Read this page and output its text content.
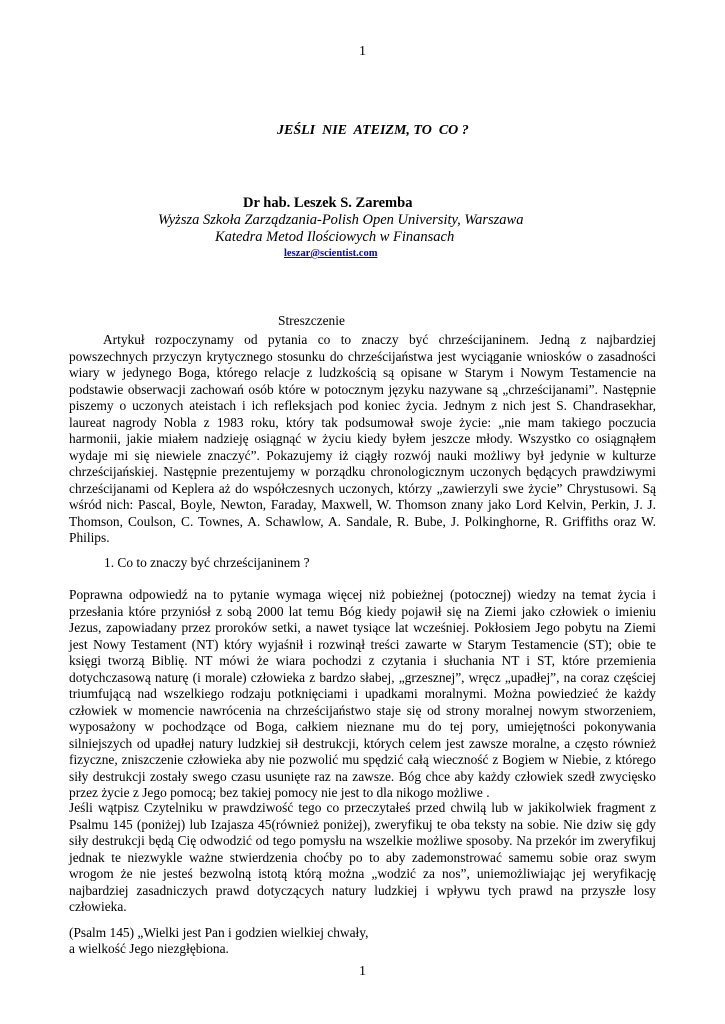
1
JEŚLI  NIE  ATEIZM, TO  CO ?
Dr hab. Leszek S. Zaremba
Wyższa Szkoła Zarządzania-Polish Open University, Warszawa
Katedra Metod Ilościowych w Finansach
leszar@scientist.com
Streszczenie

Artykuł rozpoczynamy od pytania co to znaczy być chrześcijaninem. Jedną z najbardziej powszechnych przyczyn krytycznego stosunku do chrześcijaństwa jest wyciąganie wniosków o zasadności wiary w jedynego Boga, którego relacje z ludzkością są opisane w Starym i Nowym Testamencie na podstawie obserwacji zachowań osób które w potocznym języku nazywane są „chrześcijanami”. Następnie piszemy o uczonych ateistach i ich refleksjach pod koniec życia. Jednym z nich jest S. Chandrasekhar, laureat nagrody Nobla z 1983 roku, który tak podsumował swoje życie: „nie mam takiego poczucia harmonii, jakie miałem nadzieję osiągnąć w życiu kiedy byłem jeszcze młody. Wszystko co osiągnąłem wydaje mi się niewiele znaczyć”. Pokazujemy iż ciągły rozwój nauki możliwy był jedynie w kulturze chrześcijańskiej. Następnie prezentujemy w porządku chronologicznym uczonych będących prawdziwymi chrześcijanami od Keplera aż do współczesnych uczonych, którzy „zawierzyli swe życie” Chrystusowi. Są wśród nich: Pascal, Boyle, Newton, Faraday, Maxwell, W. Thomson znany jako Lord Kelvin, Perkin, J. J. Thomson, Coulson, C. Townes, A. Schawlow, A. Sandale, R. Bube, J. Polkinghorne, R. Griffiths oraz W. Philips.

1. Co to znaczy być chrześcijaninem ?

Poprawna odpowiedź na to pytanie wymaga więcej niż pobieżnej (potocznej) wiedzy na temat życia i przesłania które przyniósł z sobą 2000 lat temu Bóg kiedy pojawił się na Ziemi jako człowiek o imieniu Jezus, zapowiadany przez proroków setki, a nawet tysiące lat wcześniej. Pokłosiem Jego pobytu na Ziemi jest Nowy Testament (NT) który wyjaśnił i rozwinął treści zawarte w Starym Testamencie (ST); obie te księgi tworzą Biblię. NT mówi że wiara pochodzi z czytania i słuchania NT i ST, które przemienia dotychczasową naturę (i morale) człowieka z bardzo słabej, „grzesznej”, wręcz „upadłej”, na coraz częściej triumfującą nad wszelkiego rodzaju potknięciami i upadkami moralnymi. Można powiedzieć że każdy człowiek w momencie nawrócenia na chrześcijaństwo staje się od strony moralnej nowym stworzeniem, wyposażony w pochodzące od Boga, całkiem nieznane mu do tej pory, umiejętności pokonywania silniejszych od upadłej natury ludzkiej sił destrukcji, których celem jest zawsze moralne, a często również fizyczne, zniszczenie człowieka aby nie pozwolić mu spędzić całą wieczność z Bogiem w Niebie, z którego siły destrukcji zostały swego czasu usunięte raz na zawsze. Bóg chce aby każdy człowiek szedł zwycięsko przez życie z Jego pomocą; bez takiej pomocy nie jest to dla nikogo możliwe .

Jeśli wątpisz Czytelniku w prawdziwość tego co przeczytałeś przed chwilą lub w jakikolwiek fragment z Psalmu 145 (poniżej) lub Izajasza 45(również poniżej), zweryfikuj te oba teksty na sobie. Nie dziw się gdy siły destrukcji będą Cię odwodzić od tego pomysłu na wszelkie możliwe sposoby. Na przekór im zweryfikuj jednak te niezwykle ważne stwierdzenia choćby po to aby zademonstrować samemu sobie oraz swym wrogom że nie jesteś bezwolną istotą którą można „wodzić za nos”, uniemożliwiając jej weryfikację najbardziej zasadniczych prawd dotyczących natury ludzkiej i wpływu tych prawd na przyszłe losy człowieka.

(Psalm 145) „Wielki jest Pan i godzien wielkiej chwały,
a wielkość Jego niezgłębiona.
1
